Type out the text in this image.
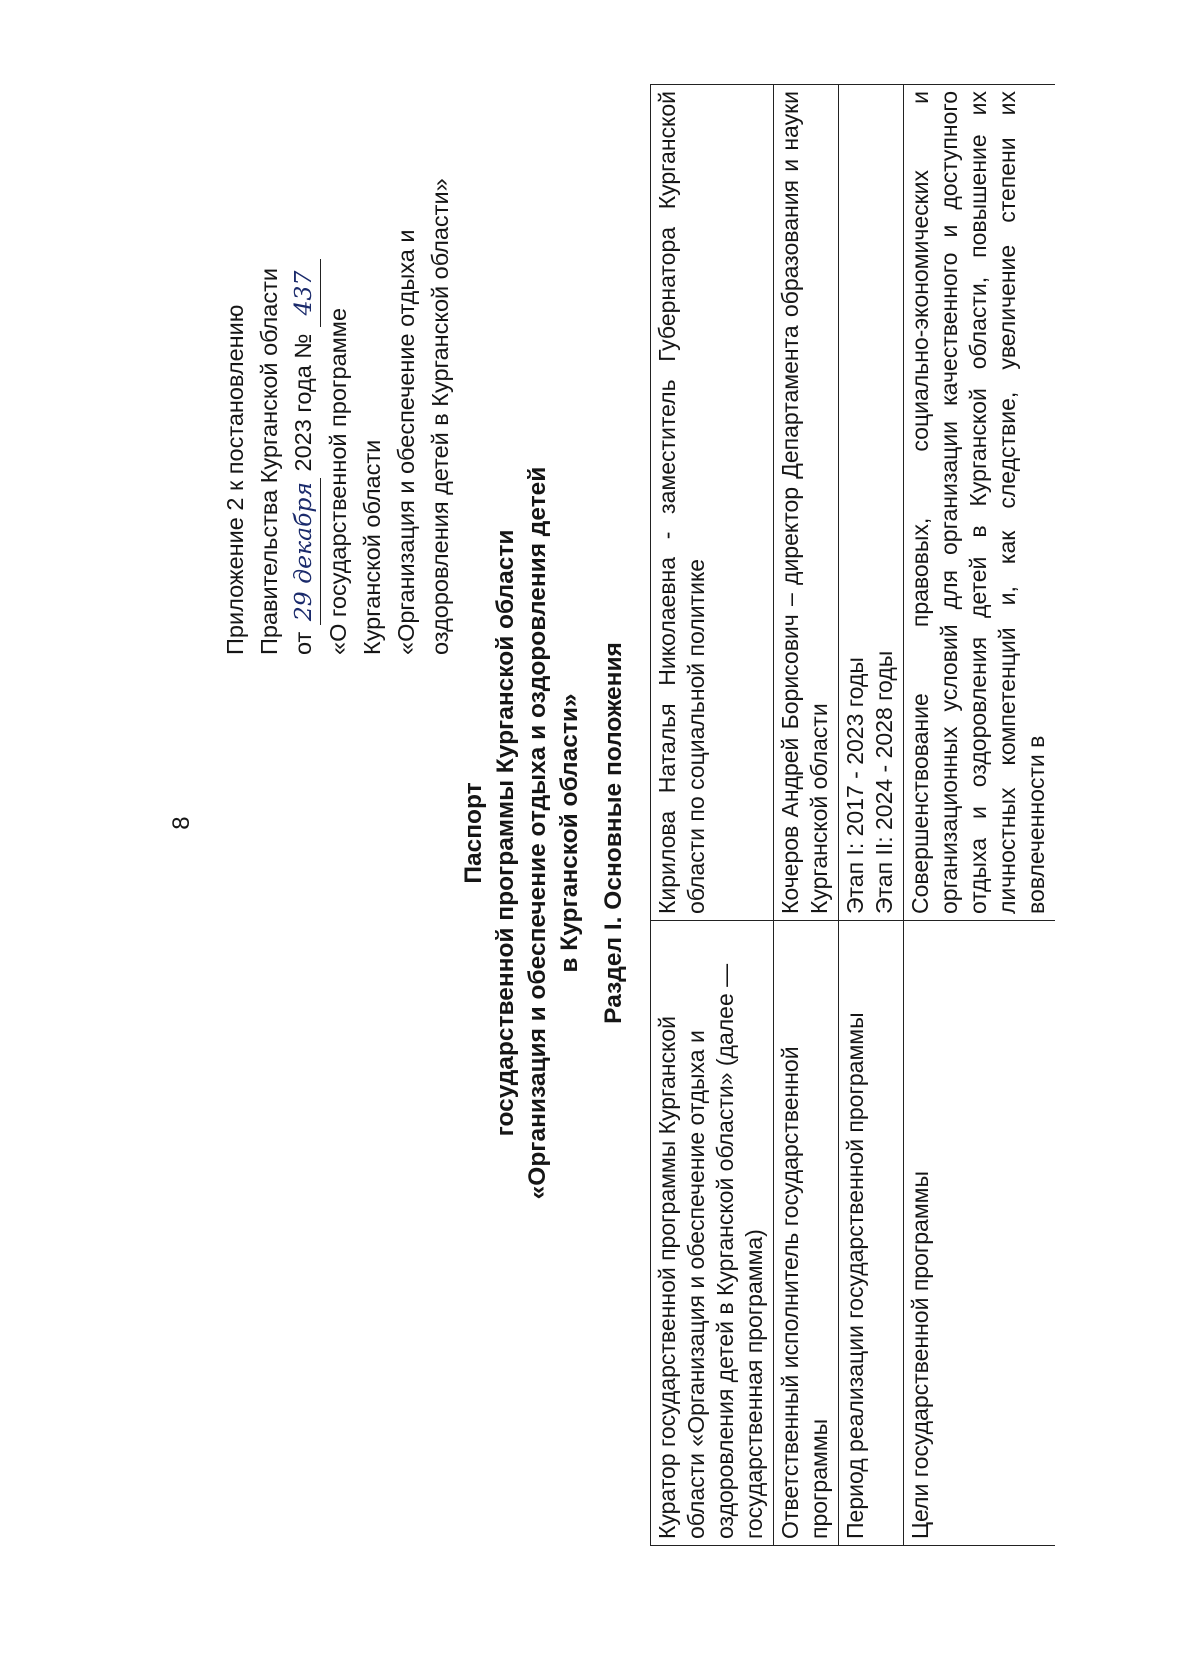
8
Приложение 2 к постановлению Правительства Курганской области от 29 декабря 2023 года № 437
«О государственной программе Курганской области «Организация и обеспечение отдыха и оздоровления детей в Курганской области»
Паспорт государственной программы Курганской области «Организация и обеспечение отдыха и оздоровления детей в Курганской области» Раздел I. Основные положения
Куратор государственной программы Курганской области «Организация и обеспечение отдыха и оздоровления детей в Курганской области» (далее — государственная программа)	Кирилова Наталья Николаевна - заместитель Губернатора Курганской области по социальной политике
Ответственный исполнитель государственной программы	Кочеров Андрей Борисович – директор Департамента образования и науки Курганской области
Период реализации государственной программы	Этап I: 2017 - 2023 годы Этап II: 2024 - 2028 годы

Цели государственной программы	Совершенствование правовых, социально-экономических и организационных условий для организации качественного и доступного отдыха и оздоровления детей в Курганской области, повышение их личностных компетенций и, как следствие, увеличение степени их вовлеченности в
